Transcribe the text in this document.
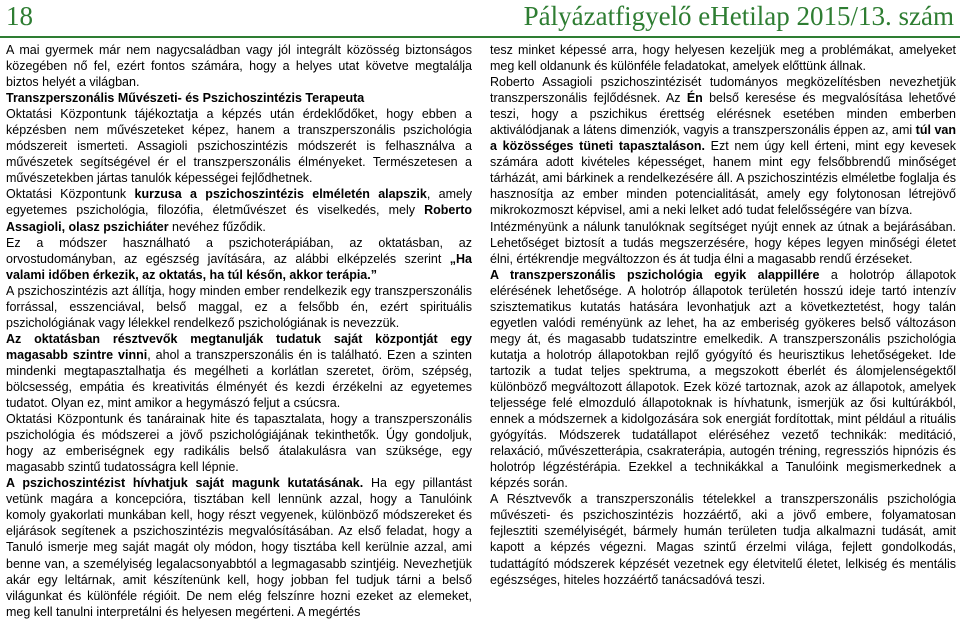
18	Pályázatfigyelő eHetilap 2015/13. szám

A mai gyermek már nem nagycsaládban vagy jól integrált közösség biztonságos közegében nő fel, ezért fontos számára, hogy a helyes utat követve megtalálja biztos helyét a világban.

Transzperszonális Művészeti- és Pszichoszintézis Terapeuta

Oktatási Központunk tájékoztatja a képzés után érdeklődőket, hogy ebben a képzésben nem művészeteket képez, hanem a transzperszonális pszichológia módszereit ismerteti. Assagioli pszichoszintézis módszerét is felhasználva a művészetek segítségével ér el transzperszonális élményeket. Természetesen a művészetekben jártas tanulók képességei fejlődhetnek.

Oktatási Központunk kurzusa a pszichoszintézis elméletén alapszik, amely egyetemes pszichológia, filozófia, életművészet és viselkedés, mely Roberto Assagioli, olasz pszichiáter nevéhez fűződik.

Ez a módszer használható a pszichoterápiában, az oktatásban, az orvostudományban, az egészség javítására, az alábbi elképzelés szerint „Ha valami időben érkezik, az oktatás, ha túl későn, akkor terápia.”

A pszichoszintézis azt állítja, hogy minden ember rendelkezik egy transzperszonális forrással, esszenciával, belső maggal, ez a felsőbb én, ezért spirituális pszichológiának vagy lélekkel rendelkező pszichológiának is nevezzük.

Az oktatásban résztvevők megtanulják tudatuk saját központját egy magasabb szintre vinni, ahol a transzperszonális én is található. Ezen a szinten mindenki megtapasztalhatja és megélheti a korlátlan szeretet, öröm, szépség, bölcsesség, empátia és kreativitás élményét és kezdi érzékelni az egyetemes tudatot. Olyan ez, mint amikor a hegymászó feljut a csúcsra.

Oktatási Központunk és tanárainak hite és tapasztalata, hogy a transzperszonális pszichológia és módszerei a jövő pszichológiájának tekinthetők. Úgy gondoljuk, hogy az emberiségnek egy radikális belső átalakulásra van szüksége, egy magasabb szintű tudatosságra kell lépnie.

A pszichoszintézist hívhatjuk saját magunk kutatásának. Ha egy pillantást vetünk magára a koncepcióra, tisztában kell lennünk azzal, hogy a Tanulóink komoly gyakorlati munkában kell, hogy részt vegyenek, különböző módszereket és eljárások segítenek a pszichoszintézis megvalósításában. Az első feladat, hogy a Tanuló ismerje meg saját magát oly módon, hogy tisztába kell kerülnie azzal, ami benne van, a személyiség legalacsonyabbtól a legmagasabb szintjéig. Nevezhetjük akár egy leltárnak, amit készítenünk kell, hogy jobban fel tudjuk tárni a belső világunkat és különféle régióit. De nem elég felszínre hozni ezeket az elemeket, meg kell tanulni interpretálni és helyesen megérteni. A megértés

tesz minket képessé arra, hogy helyesen kezeljük meg a problémákat, amelyeket meg kell oldanunk és különféle feladatokat, amelyek előttünk állnak.

Roberto Assagioli pszichoszintézisét tudományos megközelítésben nevezhetjük transzperszonális fejlődésnek. Az Én belső keresése és megvalósítása lehetővé teszi, hogy a pszichikus érettség elérésnek esetében minden emberben aktiválódjanak a látens dimenziók, vagyis a transzperszonális éppen az, ami túl van a közösséges tüneti tapasztaláson. Ezt nem úgy kell érteni, mint egy kevesek számára adott kivételes képességet, hanem mint egy felsőbbrendű minőséget tárházát, ami bárkinek a rendelkezésére áll. A pszichoszintézis elméletbe foglalja és hasznosítja az ember minden potencialitását, amely egy folytonosan létrejövő mikrokozmoszt képvisel, ami a neki lelket adó tudat felelősségére van bízva.

Intézményünk a nálunk tanulóknak segítséget nyújt ennek az útnak a bejárásában. Lehetőséget biztosít a tudás megszerzésére, hogy képes legyen minőségi életet élni, értékrendje megváltozzon és át tudja élni a magasabb rendű érzéseket.

A transzperszonális pszichológia egyik alappillére a holotróp állapotok elérésének lehetősége. A holotróp állapotok területén hosszú ideje tartó intenzív szisztematikus kutatás hatására levonhatjuk azt a következtetést, hogy talán egyetlen valódi reményünk az lehet, ha az emberiség gyökeres belső változáson megy át, és magasabb tudatszintre emelkedik. A transzperszonális pszichológia kutatja a holotróp állapotokban rejlő gyógyító és heurisztikus lehetőségeket. Ide tartozik a tudat teljes spektruma, a megszokott éberlét és álomjelenségektől különböző megváltozott állapotok. Ezek közé tartoznak, azok az állapotok, amelyek teljessége felé elmozduló állapotoknak is hívhatunk, ismerjük az ősi kultúrákból, ennek a módszernek a kidolgozására sok energiát fordítottak, mint például a rituális gyógyítás. Módszerek tudatállapot eléréséhez vezető technikák: meditáció, relaxáció, művészetterápia, csakraterápia, autogén tréning, regressziós hipnózis és holotróp légzéstérápia. Ezekkel a technikákkal a Tanulóink megismerkednek a képzés során.

A Résztvevők a transzperszonális tételekkel a transzperszonális pszichológia művészeti- és pszichoszintézis hozzáértő, aki a jövő embere, folyamatosan fejlesztiti személyiségét, bármely humán területen tudja alkalmazni tudását, amit kapott a képzés végezni. Magas szintű érzelmi világa, fejlett gondolkodás, tudattágító módszerek képzését vezetnek egy életvitelű életet, lelkiség és mentális egészséges, hiteles hozzáértő tanácsadóvá teszi.
